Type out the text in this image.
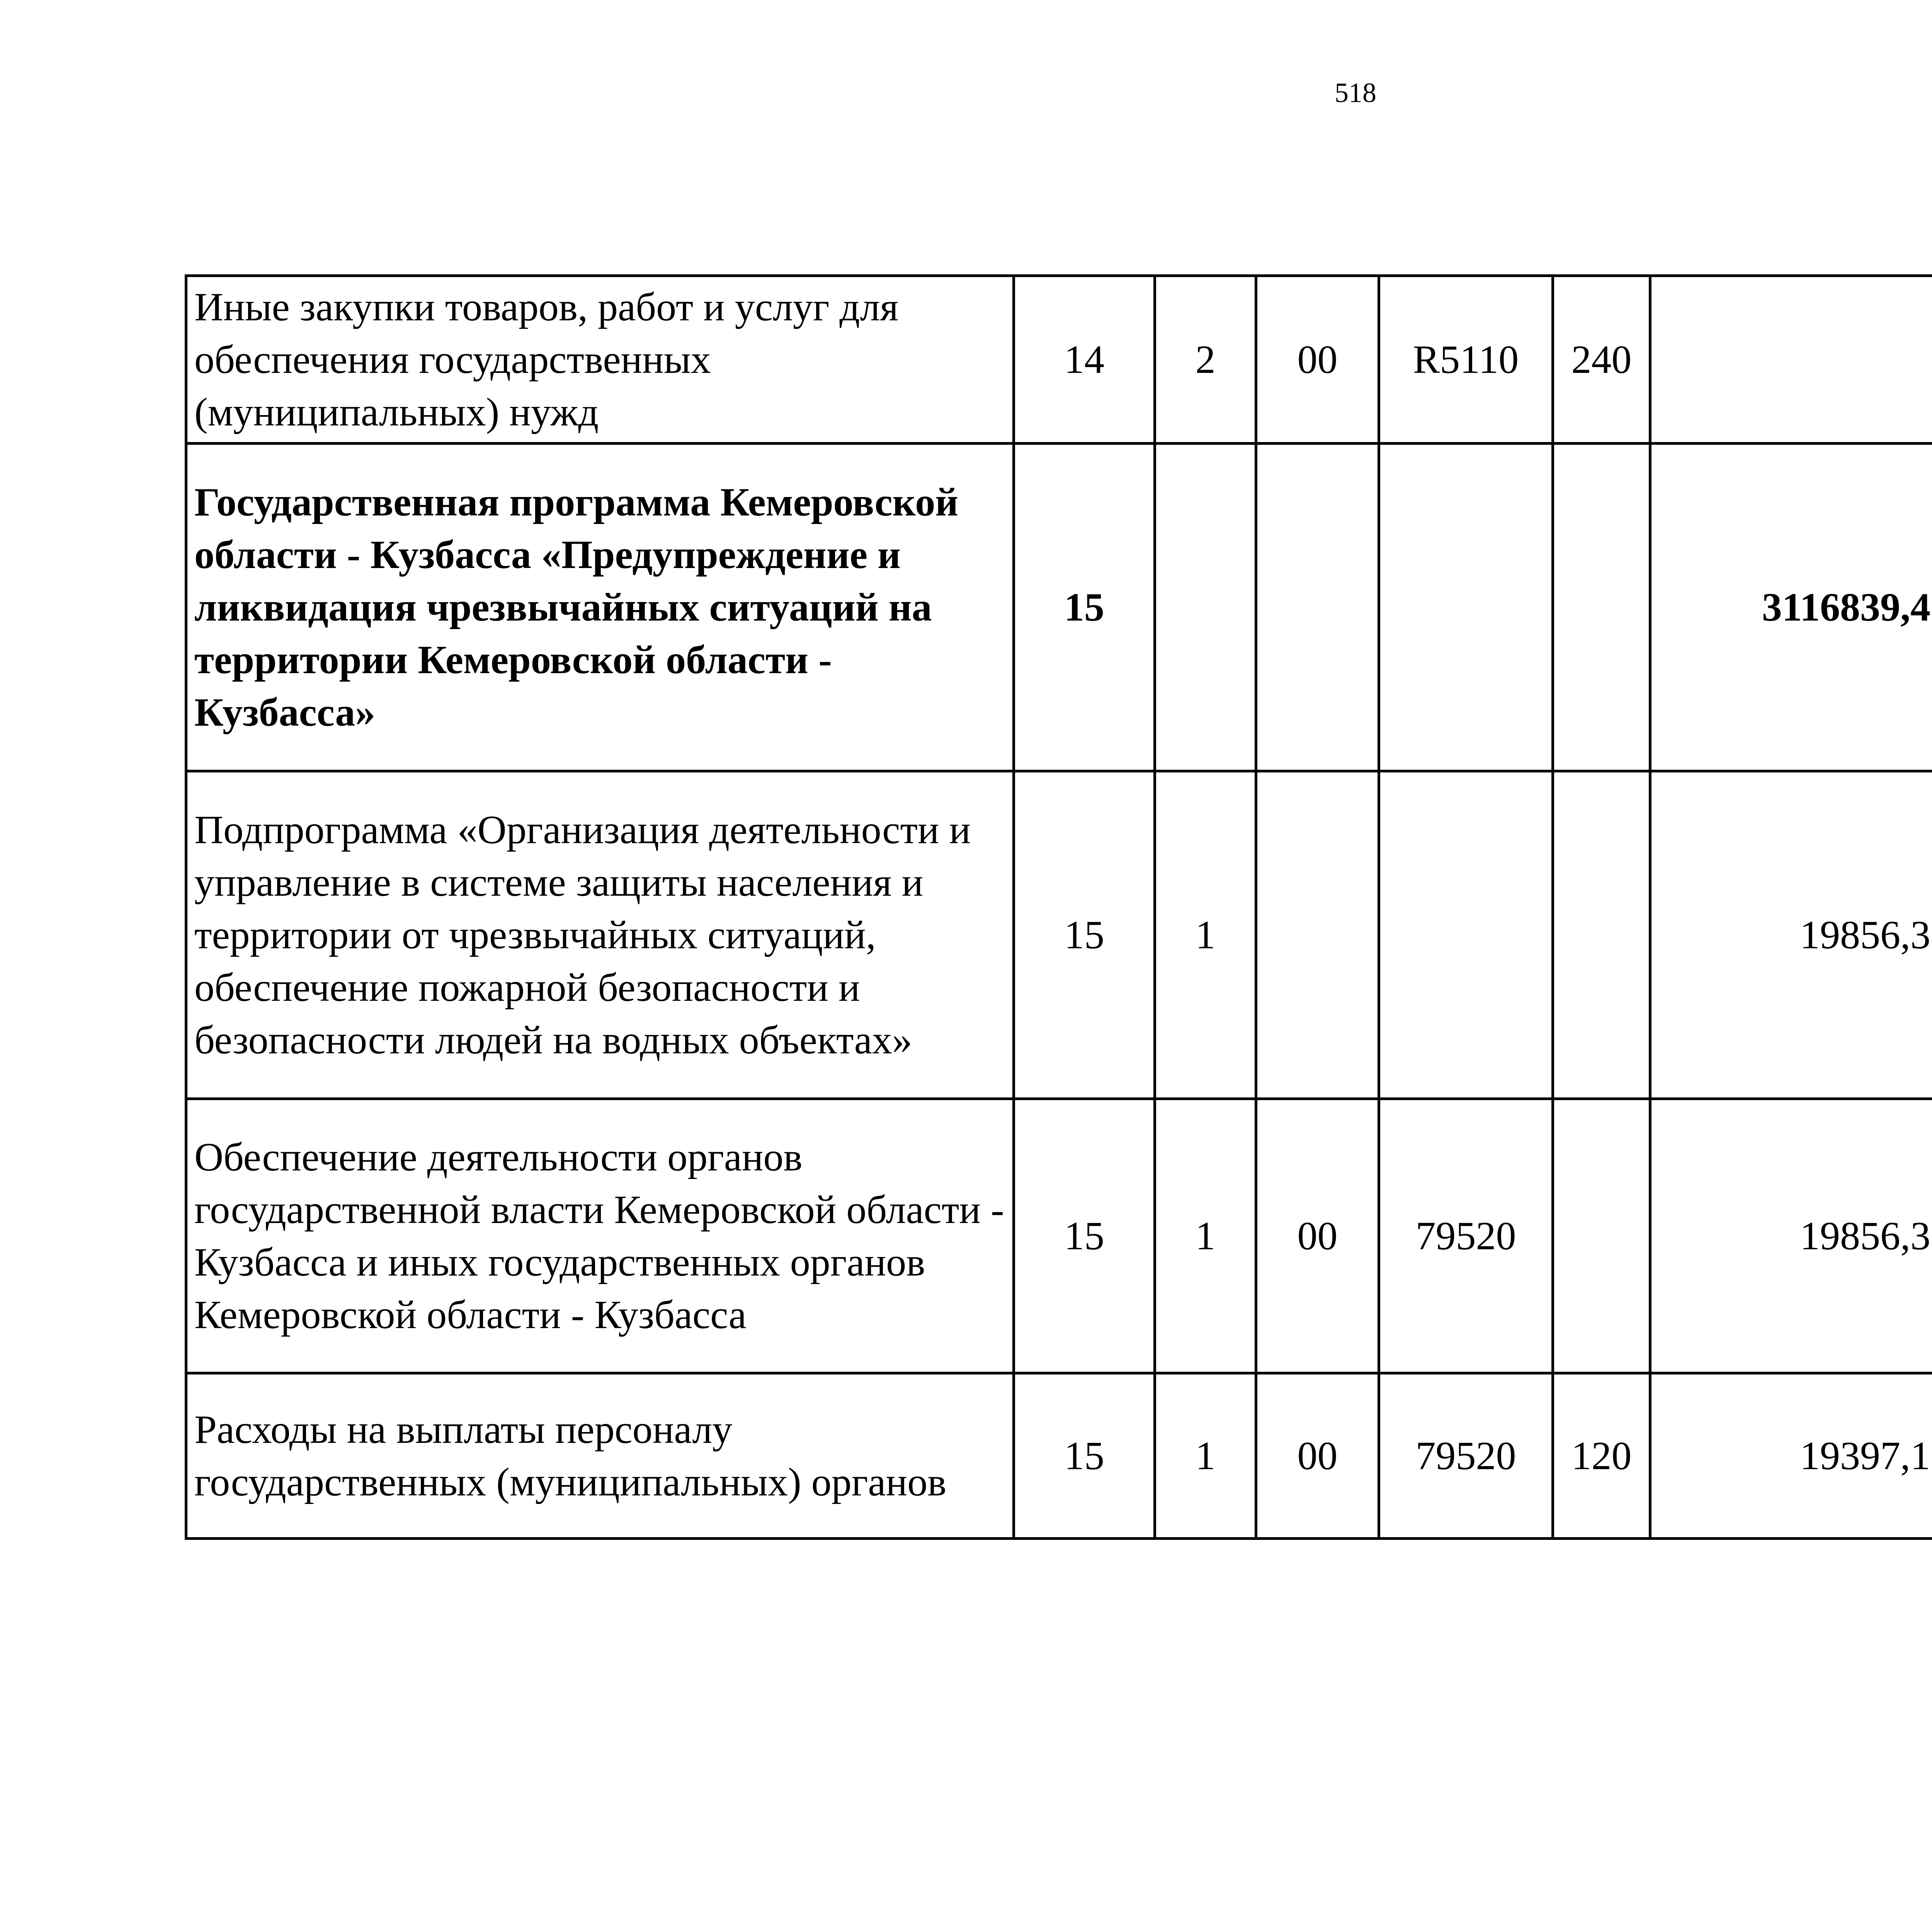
518
Иные закупки товаров, работ и услуг для обеспечения государственных (муниципальных) нужд	14	2	00	R5110	240			
Государственная программа Кемеровской области - Кузбасса «Предупреждение и ликвидация чрезвычайных ситуаций на территории Кемеровской области - Кузбасса»	15					3116839,4		
Подпрограмма «Организация деятельности и управление в системе защиты населения и территории от чрезвычайных ситуаций, обеспечение пожарной безопасности и безопасности людей на водных объектах»	15	1				19856,3		
Обеспечение деятельности органов государственной власти Кемеровской области - Кузбасса и иных государственных органов Кемеровской области - Кузбасса	15	1	00	79520		19856,3		
Расходы на выплаты персоналу государственных (муниципальных) органов	15	1	00	79520	120	19397,1		
